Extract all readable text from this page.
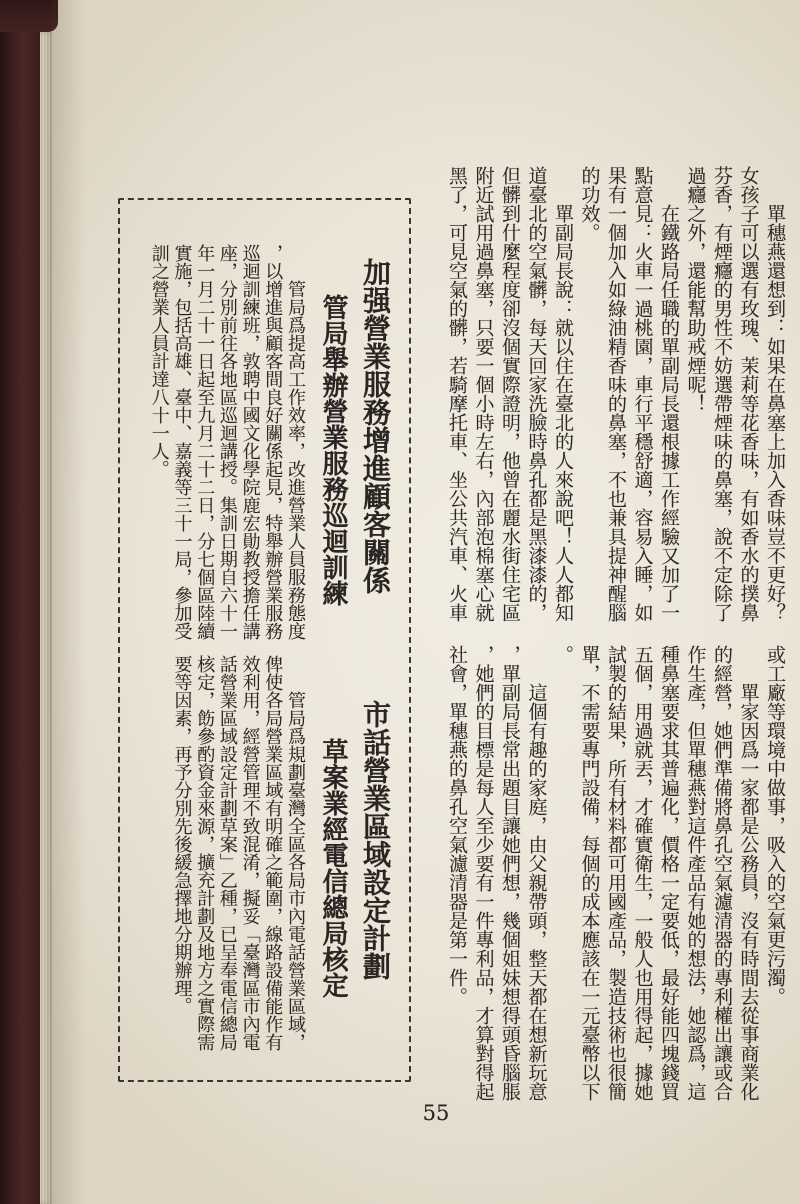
單穗燕還想到：如果在鼻塞上加入香味豈不更好？
女孩子可以選有玫瑰、茉莉等花香味，有如香水的撲鼻
芬香，有煙癮的男性不妨選帶煙味的鼻塞，說不定除了
過癮之外，還能幫助戒煙呢！
在鐵路局任職的單副局長還根據工作經驗又加了一
點意見：火車一過桃園，車行平穩舒適，容易入睡，如
果有一個加入如綠油精香味的鼻塞，不也兼具提神醒腦
的功效。
單副局長說：就以住在臺北的人來說吧！人人都知
道臺北的空氣髒，每天回家洗臉時鼻孔都是黑漆漆的，
但髒到什麼程度卻沒個實際證明，他曾在麗水街住宅區
附近試用過鼻塞，只要一個小時左右，內部泡棉塞心就
黑了，可見空氣的髒，若騎摩托車、坐公共汽車、火車
或工廠等環境中做事，吸入的空氣更污濁。
單家因爲一家都是公務員，沒有時間去從事商業化
的經營，她們準備將鼻孔空氣濾清器的專利權出讓或合
作生產，但單穗燕對這件產品有她的想法，她認爲，這
種鼻塞要求其普遍化，價格一定要低，最好能四塊錢買
五個，用過就丟，才確實衛生，一般人也用得起，據她
試製的結果，所有材料都可用國產品，製造技術也很簡
單，不需要專門設備，每個的成本應該在一元臺幣以下
。
這個有趣的家庭，由父親帶頭，整天都在想新玩意
，單副局長常出題目讓她們想，幾個姐妹想得頭昏腦脹
，她們的目標是每人至少要有一件專利品，才算對得起
社會，單穗燕的鼻孔空氣濾清器是第一件。
加强營業服務增進顧客關係
管局舉辦營業服務巡迴訓練
管局爲提高工作效率，改進營業人員服務態度
，以增進與顧客間良好關係起見，特舉辦營業服務
巡迴訓練班，敦聘中國文化學院鹿宏勛教授擔任講
座，分別前往各地區巡迴講授。集訓日期自六十一
年一月二十一日起至九月二十二日，分七個區陸續
實施，包括高雄、臺中、嘉義等三十一局，參加受
訓之營業人員計達八十一人。
市話營業區域設定計劃
草案業經電信總局核定
管局爲規劃臺灣全區各局市內電話營業區域，
俾使各局營業區域有明確之範圍，線路設備能作有
效利用，經營管理不致混淆，擬妥「臺灣區市內電
話營業區域設定計劃草案」乙種，已呈奉電信總局
核定，飭參酌資金來源，擴充計劃及地方之實際需
要等因素，再予分別先後緩急擇地分期辦理。
55
